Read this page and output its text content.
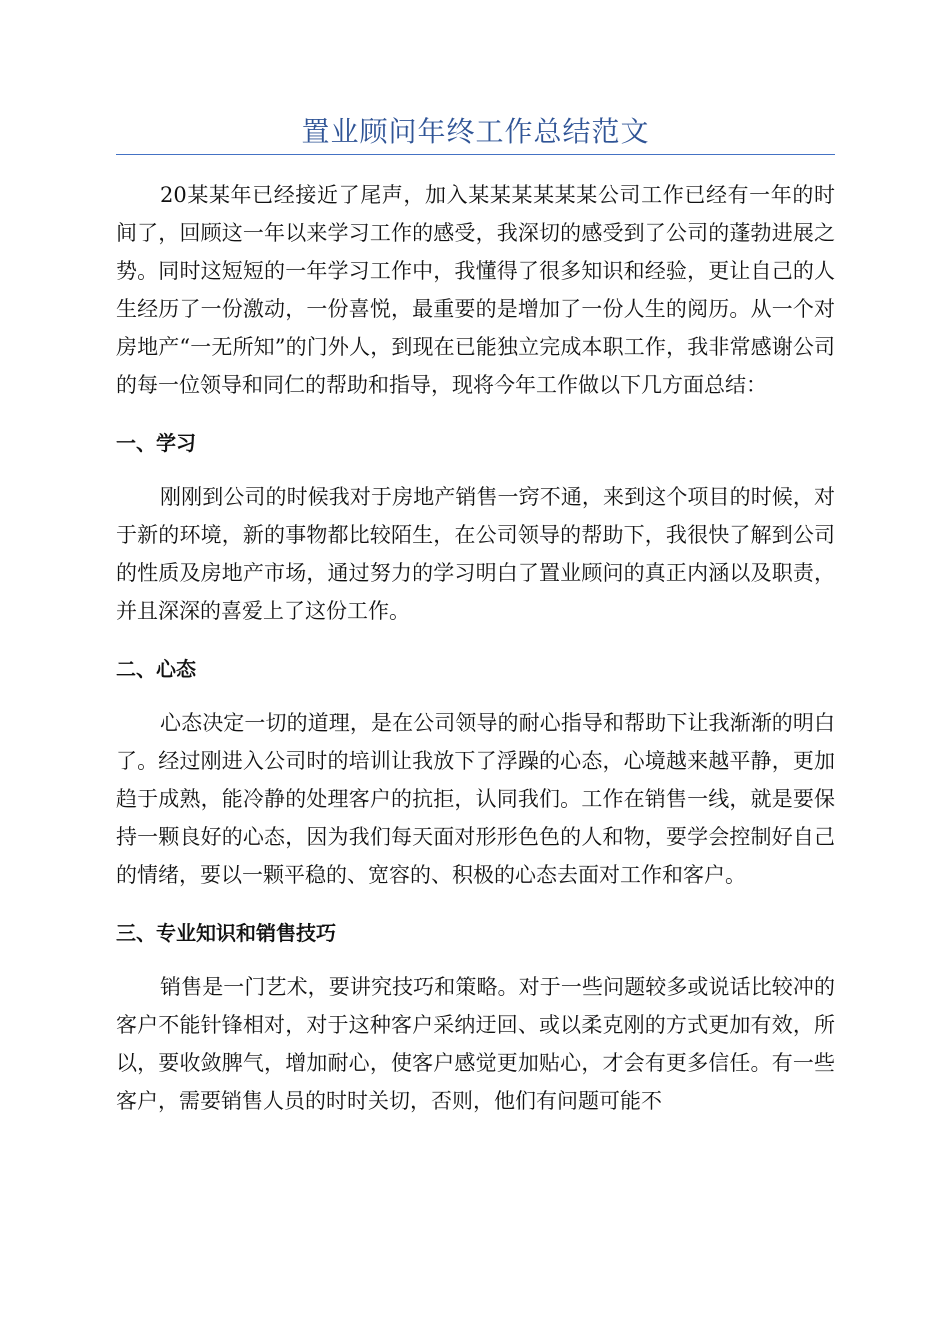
置业顾问年终工作总结范文

20某某年已经接近了尾声，加入某某某某某某公司工作已经有一年的时间了，回顾这一年以来学习工作的感受，我深切的感受到了公司的蓬勃进展之势。同时这短短的一年学习工作中，我懂得了很多知识和经验，更让自己的人生经历了一份激动，一份喜悦，最重要的是增加了一份人生的阅历。从一个对房地产“一无所知”的门外人，到现在已能独立完成本职工作，我非常感谢公司的每一位领导和同仁的帮助和指导，现将今年工作做以下几方面总结：

一、学习

刚刚到公司的时候我对于房地产销售一窍不通，来到这个项目的时候，对于新的环境，新的事物都比较陌生，在公司领导的帮助下，我很快了解到公司的性质及房地产市场，通过努力的学习明白了置业顾问的真正内涵以及职责，并且深深的喜爱上了这份工作。

二、心态

心态决定一切的道理，是在公司领导的耐心指导和帮助下让我渐渐的明白了。经过刚进入公司时的培训让我放下了浮躁的心态，心境越来越平静，更加趋于成熟，能冷静的处理客户的抗拒，认同我们。工作在销售一线，就是要保持一颗良好的心态，因为我们每天面对形形色色的人和物，要学会控制好自己的情绪，要以一颗平稳的、宽容的、积极的心态去面对工作和客户。

三、专业知识和销售技巧

销售是一门艺术，要讲究技巧和策略。对于一些问题较多或说话比较冲的客户不能针锋相对，对于这种客户采纳迂回、或以柔克刚的方式更加有效，所以，要收敛脾气，增加耐心，使客户感觉更加贴心，才会有更多信任。有一些客户，需要销售人员的时时关切，否则，他们有问题可能不
